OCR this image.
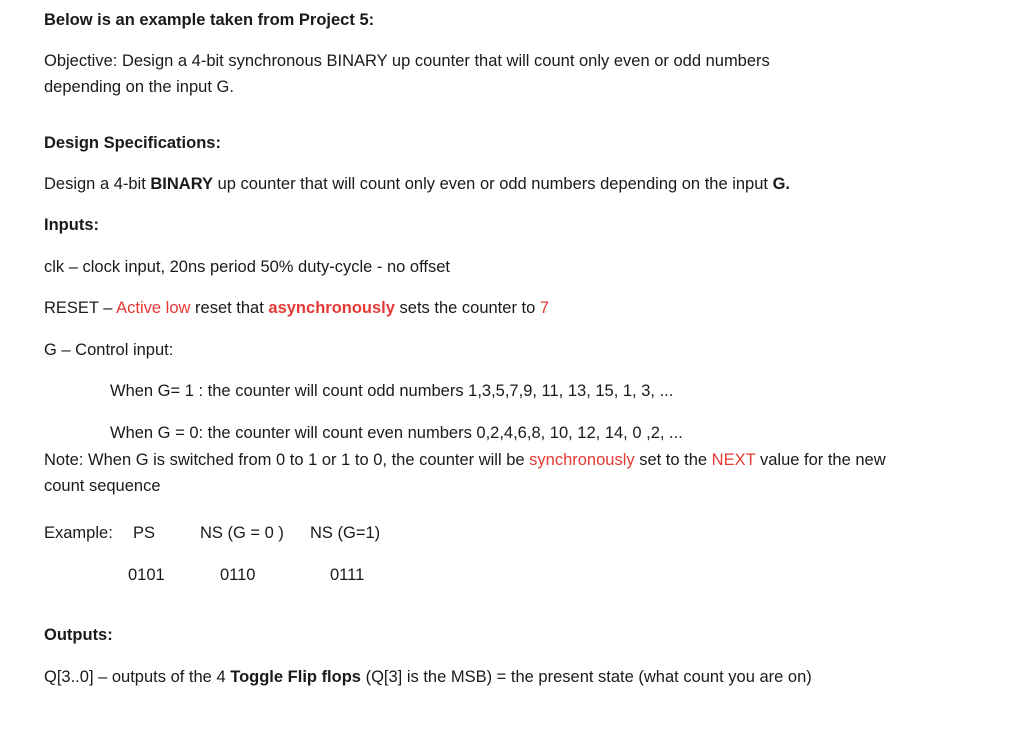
Below is an example taken from Project 5:
Objective: Design a 4-bit synchronous BINARY up counter that will count only even or odd numbers
depending on the input G.
Design Specifications:
Design a 4-bit BINARY up counter that will count only even or odd numbers depending on the input G.
Inputs:
clk – clock input, 20ns period 50% duty-cycle - no offset
RESET – Active low reset that asynchronously sets the counter to 7
G – Control input:
When G= 1 : the counter will count odd numbers 1,3,5,7,9, 11, 13, 15, 1, 3, ...
When G = 0: the counter will count even numbers 0,2,4,6,8, 10, 12, 14, 0 ,2, ...
Note: When G is switched from 0 to 1 or 1 to 0, the counter will be synchronously set to the NEXT value for the new
count sequence
Example: PS	NS (G = 0 ) NS (G=1)
0101	0110	0111
Outputs:
Q[3..0] – outputs of the 4 Toggle Flip flops (Q[3] is the MSB) = the present state (what count you are on)
